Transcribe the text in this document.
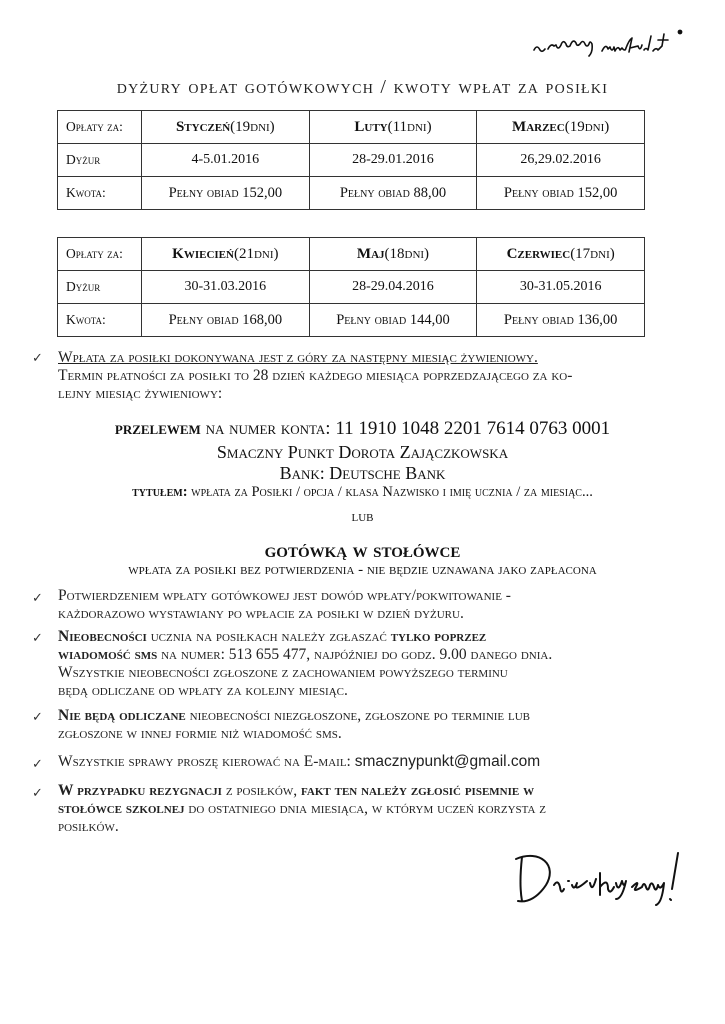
dyżury opłat gotówkowych / kwoty wpłat za posiłki
Opłaty za:	Styczeń(19dni)	Luty(11dni)	Marzec(19dni)
Dyżur	4-5.01.2016	28-29.01.2016	26,29.02.2016
Kwota:	Pełny obiad 152,00	Pełny obiad 88,00	Pełny obiad 152,00
Opłaty za:	Kwiecień(21dni)	Maj(18dni)	Czerwiec(17dni)
Dyżur	30-31.03.2016	28-29.04.2016	30-31.05.2016
Kwota:	Pełny obiad 168,00	Pełny obiad 144,00	Pełny obiad 136,00
✓ Wpłata za posiłki dokonywana jest z góry za następny miesiąc żywieniowy.
Termin płatności za posiłki to 28 dzień każdego miesiąca poprzedzającego za ko-
lejny miesiąc żywieniowy:
przelewem na numer konta: 11 1910 1048 2201 7614 0763 0001
Smaczny Punkt Dorota Zajączkowska
Bank: Deutsche Bank
tytułem: wpłata za Posiłki / opcja / klasa Nazwisko i imię ucznia / za miesiąc...
lub
gotówką w stołówce
wpłata za posiłki bez potwierdzenia - nie będzie uznawana jako zapłacona
✓ Potwierdzeniem wpłaty gotówkowej jest dowód wpłaty/pokwitowanie -
każdorazowo wystawiany po wpłacie za posiłki w dzień dyżuru.
✓ Nieobecności ucznia na posiłkach należy zgłaszać tylko poprzez
wiadomość sms na numer: 513 655 477, najpóźniej do godz. 9.00 danego dnia.
Wszystkie nieobecności zgłoszone z zachowaniem powyższego terminu
będą odliczane od wpłaty za kolejny miesiąc.
✓ Nie będą odliczane nieobecności niezgłoszone, zgłoszone po terminie lub
zgłoszone w innej formie niż wiadomość sms.
✓ Wszystkie sprawy proszę kierować na E-mail: smacznypunkt@gmail.com
✓ W przypadku rezygnacji z posiłków, fakt ten należy zgłosić pisemnie w
stołówce szkolnej do ostatniego dnia miesiąca, w którym uczeń korzysta z
posiłków.
